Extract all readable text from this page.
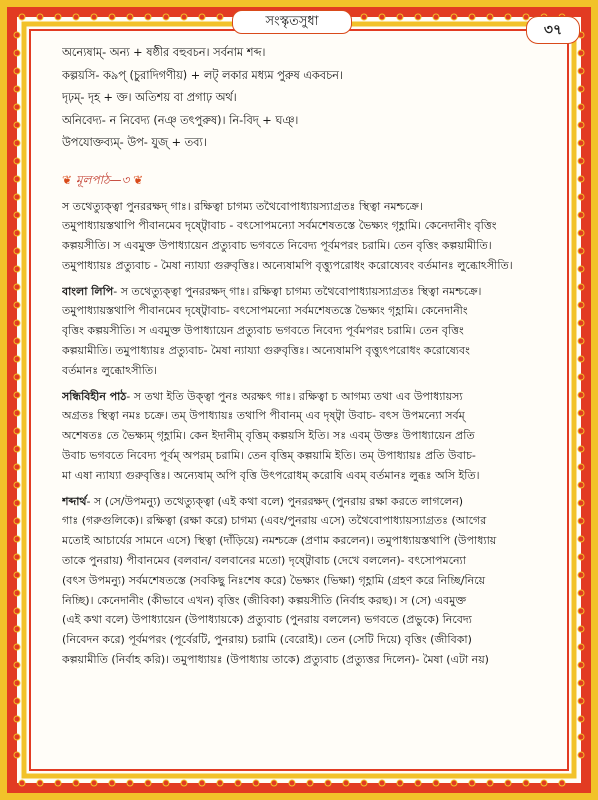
সংস্কৃতসুধা
৩৭
অন্যেষাম্- অন্য + ষষ্ঠীর বহুবচন। সর্বনাম শব্দ।
কল্পয়সি- ক৯প্ (চুরাদিগণীয়) + লট্ লকার মধ্যম পুরুষ একবচন।
দৃঢ়ম্- দৃহ + ক্ত। অতিশয় বা প্রগাঢ় অর্থ।
অনিবেদ্য- ন নিবেদ্য (নঞ্ তৎপুরুষ)। নি-বিদ্ + ঘঞ্।
উপযোক্তব্যম্- উপ- যুজ্ + তব্য।
❦ মূলপাঠ—৩ ❦
স তথেত্যুক্ত্বা পুনররক্ষদ্ গাঃ। রক্ষিত্বা চাগম্য তথৈবোপাধ্যায়স্যাগ্রতঃ স্থিত্বা নমশ্চক্রে।
তমুপাধ্যায়স্তথাপি পীবানমেব দৃষ্ট্বোবাচ - বৎসোপমন্যো সর্বমশেষতস্তে ভৈক্ষ্যং গৃহ্ণামি। কেনেদানীং বৃত্তিং
কল্পয়সীতি। স এবমুক্ত উপাধ্যায়েন প্রত্যুবাচ ভগবতে নিবেদ্য পূর্বমপরং চরামি। তেন বৃত্তিং কল্পয়ামীতি।
তমুপাধ্যায়ঃ প্রত্যুবাচ - মৈষা ন্যায্যা গুরুবৃত্তিঃ। অন্যেষামপি বৃত্ত্যুপরোধং করোষ্যেবং বর্তমানঃ লুব্ধোঽসীতি।
বাংলা লিপি- স তথেত্যুক্ত্বা পুনররক্ষদ্ গাঃ। রক্ষিত্বা চাগম্য তথৈবোপাধ্যায়স্যাগ্রতঃ স্থিত্বা নমশ্চক্রে।
তমুপাধ্যায়স্তথাপি পীবানমেব দৃষ্ট্বোবাচ- বৎসোপমন্যো সর্বমশেষতস্তে ভৈক্ষ্যং গৃহ্ণামি। কেনেদানীং
বৃত্তিং কল্পয়সীতি। স এবমুক্ত উপাধ্যায়েন প্রত্যুবাচ ভগবতে নিবেদ্য পূর্বমপরং চরামি। তেন বৃত্তিং
কল্পয়ামীতি। তমুপাধ্যায়ঃ প্রত্যুবাচ- মৈষা ন্যায্যা গুরুবৃত্তিঃ। অন্যেষামপি বৃত্ত্যুৎপরোধং করোষ্যেবং
বর্তমানঃ লুব্ধোঽসীতি।
সন্ধিবিহীন পাঠ- স তথা ইতি উক্ত্বা পুনঃ অরক্ষৎ গাঃ। রক্ষিত্বা চ আগম্য তথা এব উপাধ্যায়স্য
অগ্রতঃ স্থিত্বা নমঃ চক্রে। তম্ উপাধ্যায়ঃ তথাপি পীবানম্ এব দৃষ্ট্বা উবাচ- বৎস উপমন্যো সর্বম্
অশেষতঃ তে ভৈক্ষ্যম্ গৃহ্ণামি। কেন ইদানীম্ বৃত্তিম্ কল্পয়সি ইতি। সঃ এবম্ উক্তঃ উপাধ্যায়েন প্রতি
উবাচ ভগবতে নিবেদ্য পূর্বম্ অপরম্ চরামি। তেন বৃত্তিম্ কল্পয়ামি ইতি। তম্ উপাধ্যায়ঃ প্রতি উবাচ-
মা এষা ন্যায্যা গুরুবৃত্তিঃ। অন্যেষাম্ অপি বৃত্তি উৎপরোধম্ করোষি এবম্ বর্তমানঃ লুব্ধঃ অসি ইতি।
শব্দার্থ- স (সে/উপমন্যু) তথেত্যুক্ত্বা (এই কথা বলে) পুনররক্ষদ্ (পুনরায় রক্ষা করতে লাগলেন)
গাঃ (গরুগুলিকে)। রক্ষিত্বা (রক্ষা করে) চাগম্য (এবং/পুনরায় এসে) তথৈবোপাধ্যায়স্যাগ্রতঃ (আগের
মতোই আচার্যের সামনে এসে) স্থিত্বা (দাঁড়িয়ে) নমশ্চক্রে (প্রণাম করলেন)। তমুপাধ্যায়স্তথাপি (উপাধ্যায়
তাকে পুনরায়) পীবানমেব (বলবান/ বলবানের মতো) দৃষ্ট্বোবাচ (দেখে বললেন)- বৎসোপমন্যো
(বৎস উপমন্যু) সর্বমশেষতস্তে (সবকিছু নিঃশেষ করে) ভৈক্ষ্যং (ভিক্ষা) গৃহ্ণামি (গ্রহণ করে নিচ্ছি/নিয়ে
নিচ্ছি)। কেনেদানীং (কীভাবে এখন) বৃত্তিং (জীবিকা) কল্পয়সীতি (নির্বাহ করছ)। স (সে) এবমুক্ত
(এই কথা বলে) উপাধ্যায়েন (উপাধ্যায়কে) প্রত্যুবাচ (পুনরায় বললেন) ভগবতে (প্রভুকে) নিবেদ্য
(নিবেদন করে) পূর্বমপরং (পূর্বেরটি, পুনরায়) চরামি (বেরোই)। তেন (সেটি দিয়ে) বৃত্তিং (জীবিকা)
কল্পয়ামীতি (নির্বাহ করি)। তমুপাধ্যায়ঃ (উপাধ্যায় তাকে) প্রত্যুবাচ (প্রত্যুত্তর দিলেন)- মৈষা (এটা নয়)
